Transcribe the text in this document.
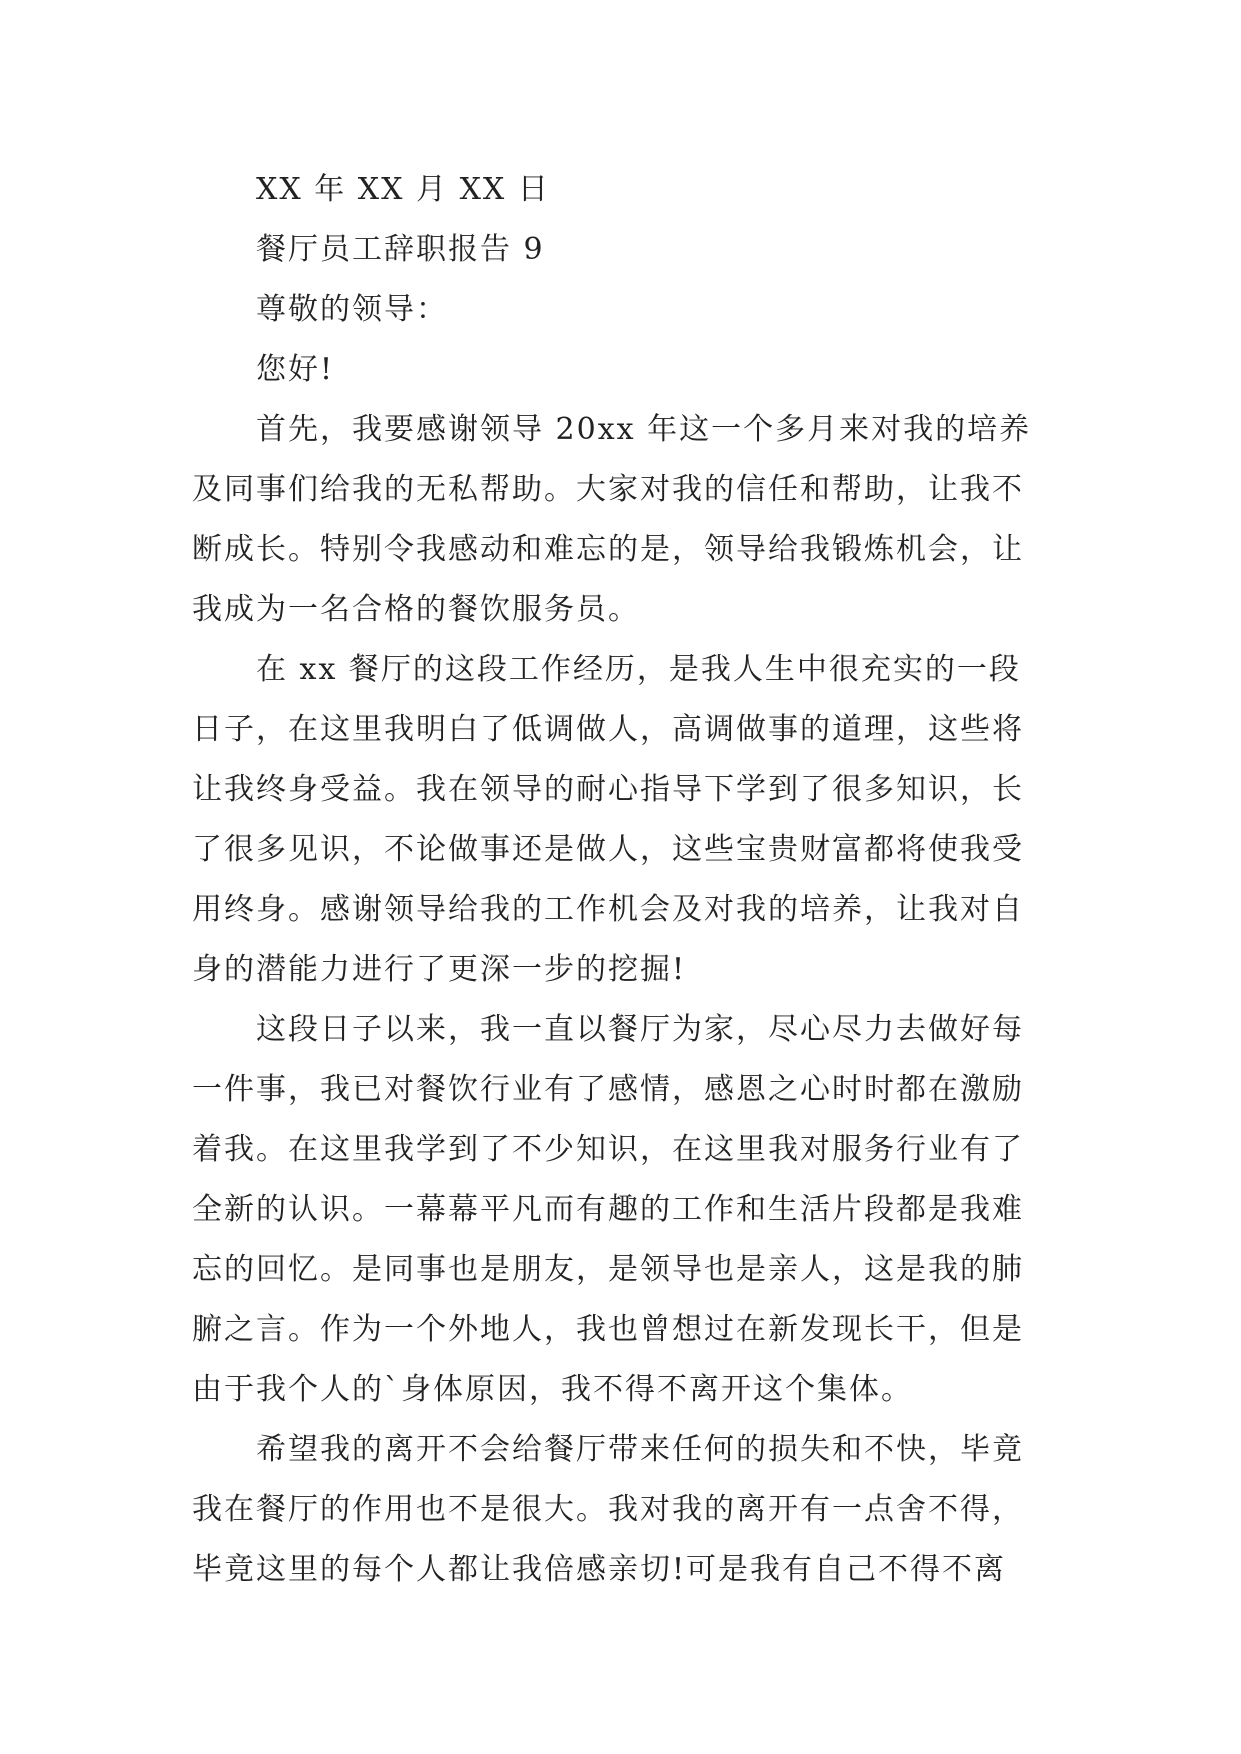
XX 年 XX 月 XX 日
餐厅员工辞职报告 9
尊敬的领导：
您好!
首先，我要感谢领导 20xx 年这一个多月来对我的培养
及同事们给我的无私帮助。大家对我的信任和帮助，让我不
断成长。特别令我感动和难忘的是，领导给我锻炼机会，让
我成为一名合格的餐饮服务员。
在 xx 餐厅的这段工作经历，是我人生中很充实的一段
日子，在这里我明白了低调做人，高调做事的道理，这些将
让我终身受益。我在领导的耐心指导下学到了很多知识，长
了很多见识，不论做事还是做人，这些宝贵财富都将使我受
用终身。感谢领导给我的工作机会及对我的培养，让我对自
身的潜能力进行了更深一步的挖掘!
这段日子以来，我一直以餐厅为家，尽心尽力去做好每
一件事，我已对餐饮行业有了感情，感恩之心时时都在激励
着我。在这里我学到了不少知识，在这里我对服务行业有了
全新的认识。一幕幕平凡而有趣的工作和生活片段都是我难
忘的回忆。是同事也是朋友，是领导也是亲人，这是我的肺
腑之言。作为一个外地人，我也曾想过在新发现长干，但是
由于我个人的`身体原因，我不得不离开这个集体。
希望我的离开不会给餐厅带来任何的损失和不快，毕竟
我在餐厅的作用也不是很大。我对我的离开有一点舍不得，
毕竟这里的每个人都让我倍感亲切!可是我有自己不得不离
